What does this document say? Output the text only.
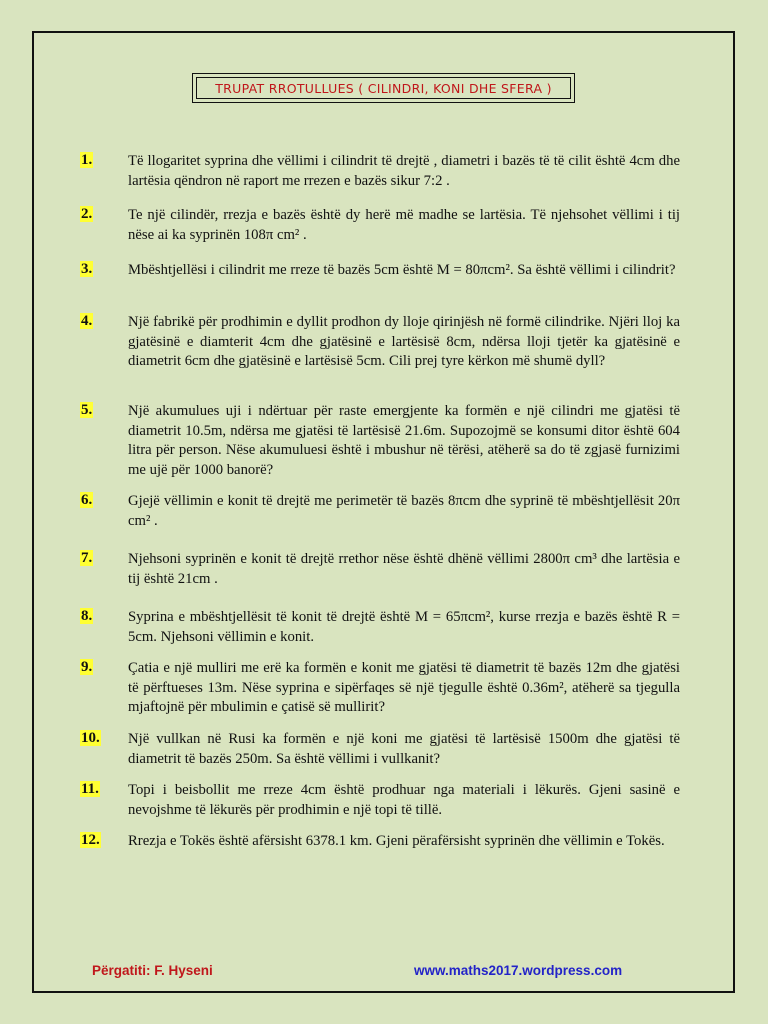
TRUPAT RROTULLUES ( CILINDRI, KONI DHE SFERA )
1.	Të llogaritet syprina dhe vëllimi i cilindrit të drejtë , diametri i bazës të të cilit është 4cm dhe lartësia qëndron në raport me rrezen e bazës sikur 7:2 .
2.	Te një cilindër, rrezja e bazës është dy herë më madhe se lartësia. Të njehsohet vëllimi i tij nëse ai ka syprinën 108π cm² .
3.	Mbështjellësi i cilindrit me rreze të bazës 5cm është M = 80πcm². Sa është vëllimi i cilindrit?
4.	Një fabrikë për prodhimin e dyllit prodhon dy lloje qirinjësh në formë cilindrike. Njëri lloj ka gjatësinë e diamterit 4cm dhe gjatësinë e lartësisë 8cm, ndërsa lloji tjetër ka gjatësinë e diametrit 6cm dhe gjatësinë e lartësisë 5cm. Cili prej tyre kërkon më shumë dyll?
5.	Një akumulues uji i ndërtuar për raste emergjente ka formën e një cilindri me gjatësi të diametrit 10.5m, ndërsa me gjatësi të lartësisë 21.6m. Supozojmë se konsumi ditor është 604 litra për person. Nëse akumuluesi është i mbushur në tërësi, atëherë sa do të zgjasë furnizimi me ujë për 1000 banorë?
6.	Gjejë vëllimin e konit të drejtë me perimetër të bazës 8πcm dhe syprinë të mbështjellësit 20π cm² .
7.	Njehsoni syprinën e konit të drejtë rrethor nëse është dhënë vëllimi 2800π cm³ dhe lartësia e tij është 21cm .
8.	Syprina e mbështjellësit të konit të drejtë është M = 65πcm², kurse rrezja e bazës është R = 5cm. Njehsoni vëllimin e konit.
9.	Çatia e një mulliri me erë ka formën e konit me gjatësi të diametrit të bazës 12m dhe gjatësi të përftueses 13m. Nëse syprina e sipërfaqes së një tjegulle është 0.36m², atëherë sa tjegulla mjaftojnë për mbulimin e çatisë së mullirit?
10.	Një vullkan në Rusi ka formën e një koni me gjatësi të lartësisë 1500m dhe gjatësi të diametrit të bazës 250m. Sa është vëllimi i vullkanit?
11.	Topi i beisbollit me rreze 4cm është prodhuar nga materiali i lëkurës. Gjeni sasinë e nevojshme të lëkurës për prodhimin e një topi të tillë.
12.	Rrezja e Tokës është afërsisht 6378.1 km. Gjeni përafërsisht syprinën dhe vëllimin e Tokës.
Përgatiti: F. Hyseni	www.maths2017.wordpress.com
